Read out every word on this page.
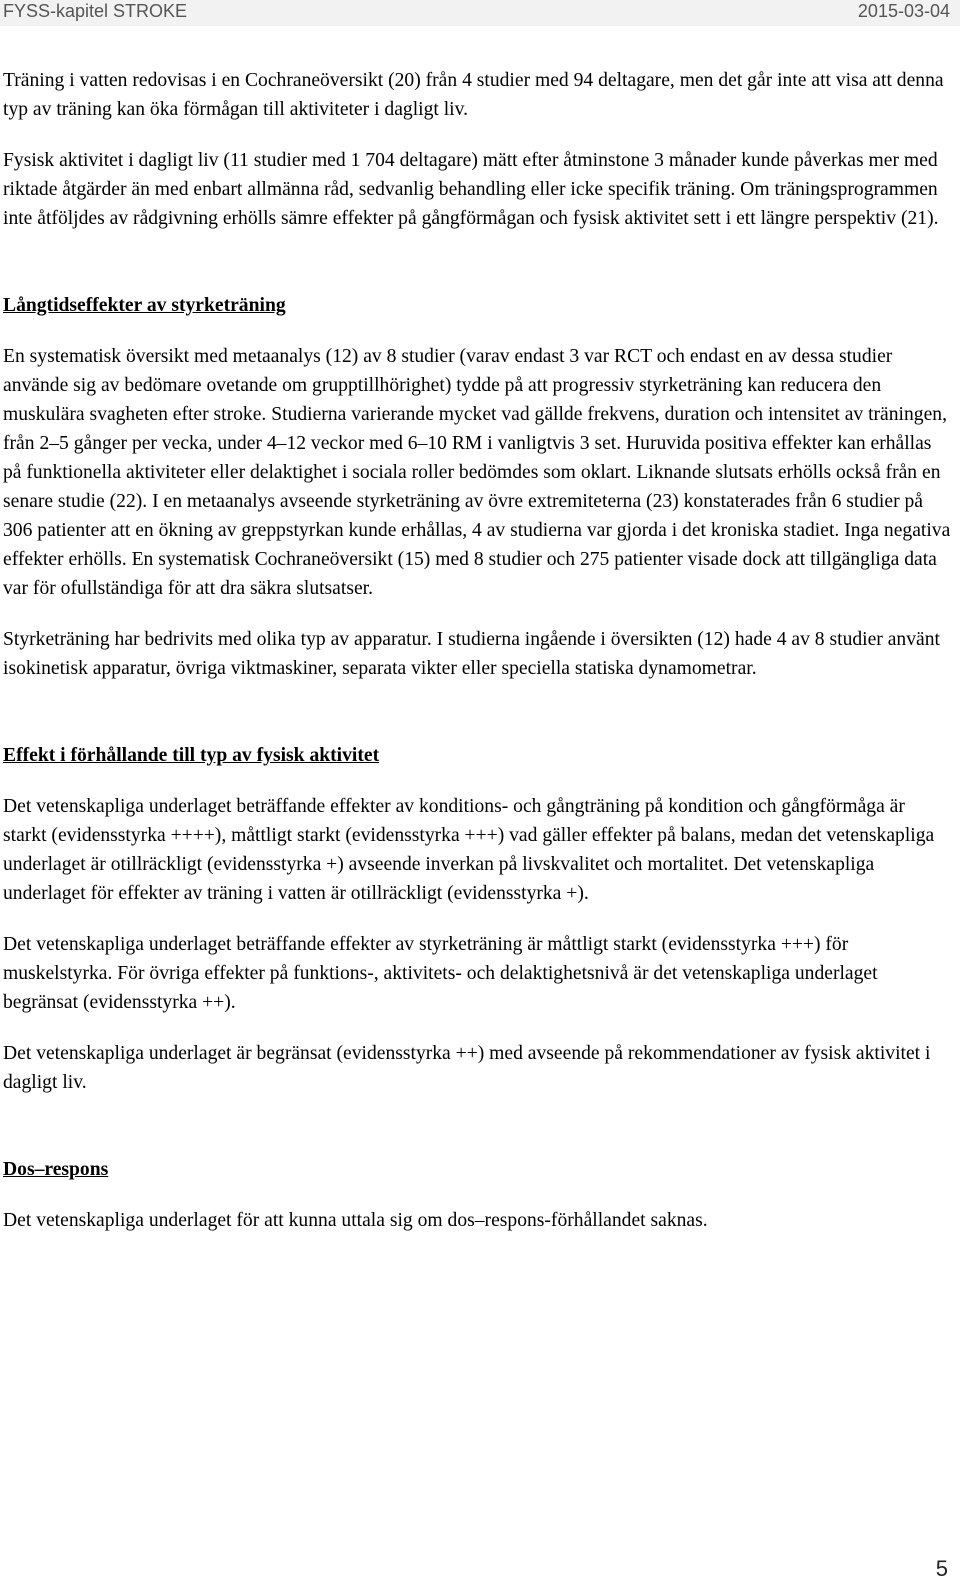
FYSS-kapitel STROKE	2015-03-04

Träning i vatten redovisas i en Cochraneöversikt (20) från 4 studier med 94 deltagare, men det går inte att visa att denna typ av träning kan öka förmågan till aktiviteter i dagligt liv.

Fysisk aktivitet i dagligt liv (11 studier med 1 704 deltagare) mätt efter åtminstone 3 månader kunde påverkas mer med riktade åtgärder än med enbart allmänna råd, sedvanlig behandling eller icke specifik träning. Om träningsprogrammen inte åtföljdes av rådgivning erhölls sämre effekter på gångförmågan och fysisk aktivitet sett i ett längre perspektiv (21).

Långtidseffekter av styrketräning

En systematisk översikt med metaanalys (12) av 8 studier (varav endast 3 var RCT och endast en av dessa studier använde sig av bedömare ovetande om grupptillhörighet) tydde på att progressiv styrketräning kan reducera den muskulära svagheten efter stroke. Studierna varierande mycket vad gällde frekvens, duration och intensitet av träningen, från 2–5 gånger per vecka, under 4–12 veckor med 6–10 RM i vanligtvis 3 set. Huruvida positiva effekter kan erhållas på funktionella aktiviteter eller delaktighet i sociala roller bedömdes som oklart. Liknande slutsats erhölls också från en senare studie (22). I en metaanalys avseende styrketräning av övre extremiteterna (23) konstaterades från 6 studier på 306 patienter att en ökning av greppstyrkan kunde erhållas, 4 av studierna var gjorda i det kroniska stadiet. Inga negativa effekter erhölls. En systematisk Cochraneöversikt (15) med 8 studier och 275 patienter visade dock att tillgängliga data var för ofullständiga för att dra säkra slutsatser.

Styrketräning har bedrivits med olika typ av apparatur. I studierna ingående i översikten (12) hade 4 av 8 studier använt isokinetisk apparatur, övriga viktmaskiner, separata vikter eller speciella statiska dynamometrar.

Effekt i förhållande till typ av fysisk aktivitet

Det vetenskapliga underlaget beträffande effekter av konditions- och gångträning på kondition och gångförmåga är starkt (evidensstyrka ++++), måttligt starkt (evidensstyrka +++) vad gäller effekter på balans, medan det vetenskapliga underlaget är otillräckligt (evidensstyrka +) avseende inverkan på livskvalitet och mortalitet. Det vetenskapliga underlaget för effekter av träning i vatten är otillräckligt (evidensstyrka +).

Det vetenskapliga underlaget beträffande effekter av styrketräning är måttligt starkt (evidensstyrka +++) för muskelstyrka. För övriga effekter på funktions-, aktivitets- och delaktighetsnivå är det vetenskapliga underlaget begränsat (evidensstyrka ++).

Det vetenskapliga underlaget är begränsat (evidensstyrka ++) med avseende på rekommendationer av fysisk aktivitet i dagligt liv.

Dos–respons

Det vetenskapliga underlaget för att kunna uttala sig om dos–respons-förhållandet saknas.

5
